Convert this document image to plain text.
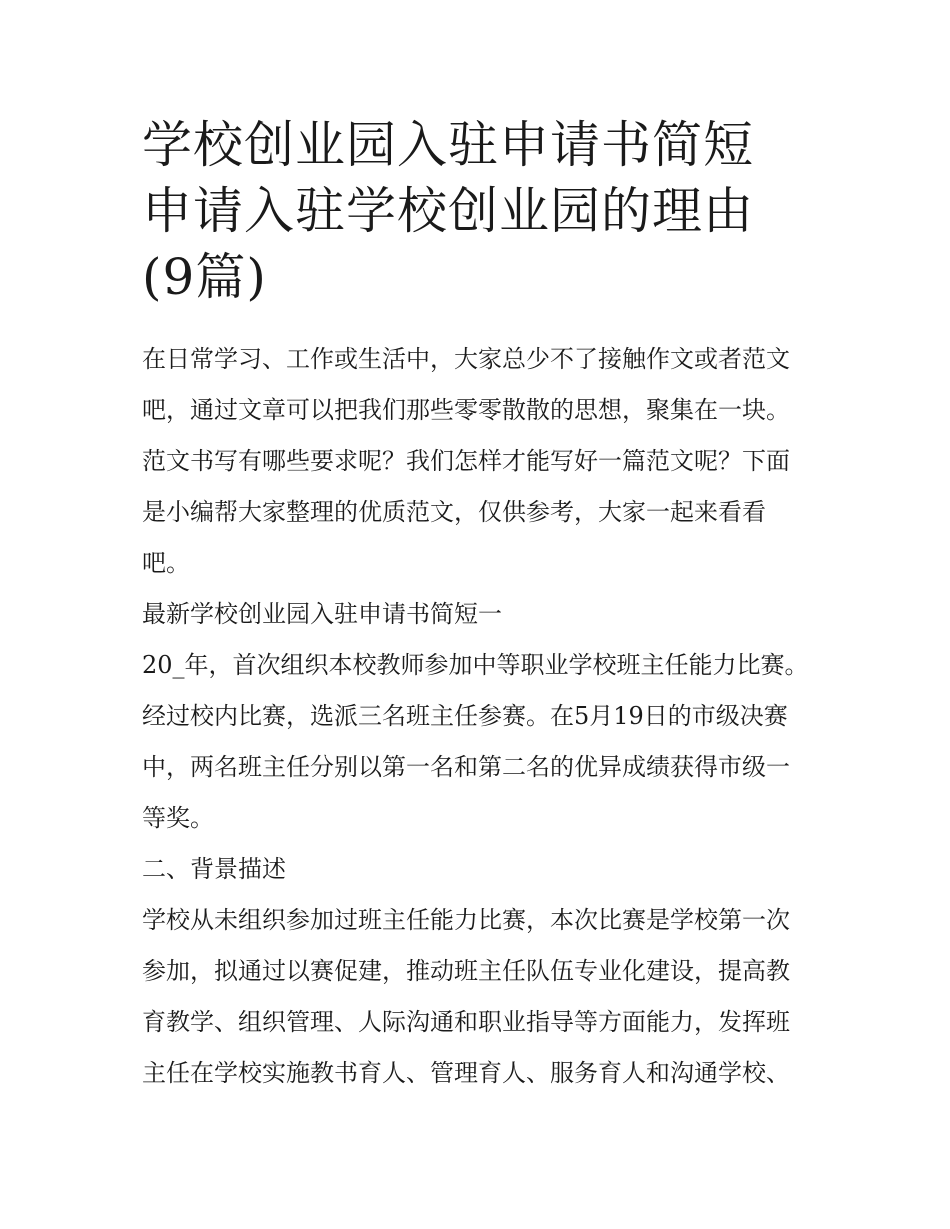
学校创业园入驻申请书简短 申请入驻学校创业园的理由(9篇)

在日常学习、工作或生活中，大家总少不了接触作文或者范文吧，通过文章可以把我们那些零零散散的思想，聚集在一块。范文书写有哪些要求呢？我们怎样才能写好一篇范文呢？下面是小编帮大家整理的优质范文，仅供参考，大家一起来看看吧。

最新学校创业园入驻申请书简短一

20_年，首次组织本校教师参加中等职业学校班主任能力比赛。经过校内比赛，选派三名班主任参赛。在5月19日的市级决赛中，两名班主任分别以第一名和第二名的优异成绩获得市级一等奖。

二、背景描述

学校从未组织参加过班主任能力比赛，本次比赛是学校第一次参加，拟通过以赛促建，推动班主任队伍专业化建设，提高教育教学、组织管理、人际沟通和职业指导等方面能力，发挥班主任在学校实施教书育人、管理育人、服务育人和沟通学校、
